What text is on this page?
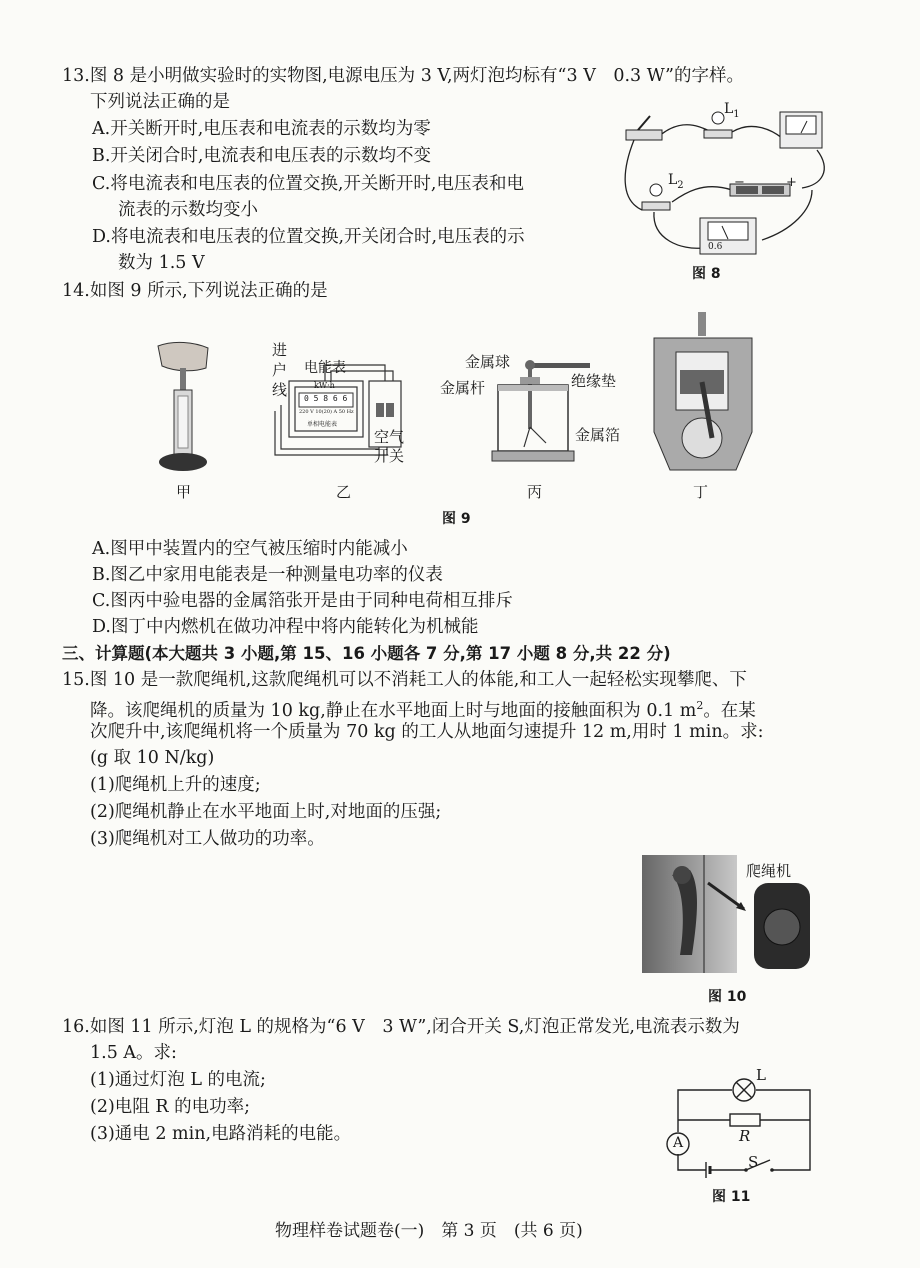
13.图 8 是小明做实验时的实物图,电源电压为 3 V,两灯泡均标有“3 V　0.3 W”的字样。
下列说法正确的是
A.开关断开时,电压表和电流表的示数均为零
B.开关闭合时,电流表和电压表的示数均不变
C.将电流表和电压表的位置交换,开关断开时,电压表和电
流表的示数均变小
D.将电流表和电压表的位置交换,开关闭合时,电压表的示
数为 1.5 V
$L_1$
$L_2$	−	+
0.6
图 8
14.如图 9 所示,下列说法正确的是
甲
进
户
线
电能表
kW·h
0 5 8 6 6
220 V 10(20) A 50 Hz
单相电能表
空气
开关
乙
金属球
金属杆	绝缘垫
金属箔
丙	丁
图 9
A.图甲中装置内的空气被压缩时内能减小
B.图乙中家用电能表是一种测量电功率的仪表
C.图丙中验电器的金属箔张开是由于同种电荷相互排斥
D.图丁中内燃机在做功冲程中将内能转化为机械能
三、计算题(本大题共 3 小题,第 15、16 小题各 7 分,第 17 小题 8 分,共 22 分)
15.图 10 是一款爬绳机,这款爬绳机可以不消耗工人的体能,和工人一起轻松实现攀爬、下
降。该爬绳机的质量为 10 kg,静止在水平地面上时与地面的接触面积为 0.1 $m^2$。在某
次爬升中,该爬绳机将一个质量为 70 kg 的工人从地面匀速提升 12 m,用时 1 min。求:
(g 取 10 N/kg)
(1)爬绳机上升的速度;
(2)爬绳机静止在水平地面上时,对地面的压强;
(3)爬绳机对工人做功的功率。
爬绳机
图 10
16.如图 11 所示,灯泡 L 的规格为“6 V　3 W”,闭合开关 S,灯泡正常发光,电流表示数为
1.5 A。求:
(1)通过灯泡 L 的电流;
(2)电阻 R 的电功率;
(3)通电 2 min,电路消耗的电能。
L
R
A
S
图 11
物理样卷试题卷(一)　第 3 页　(共 6 页)
